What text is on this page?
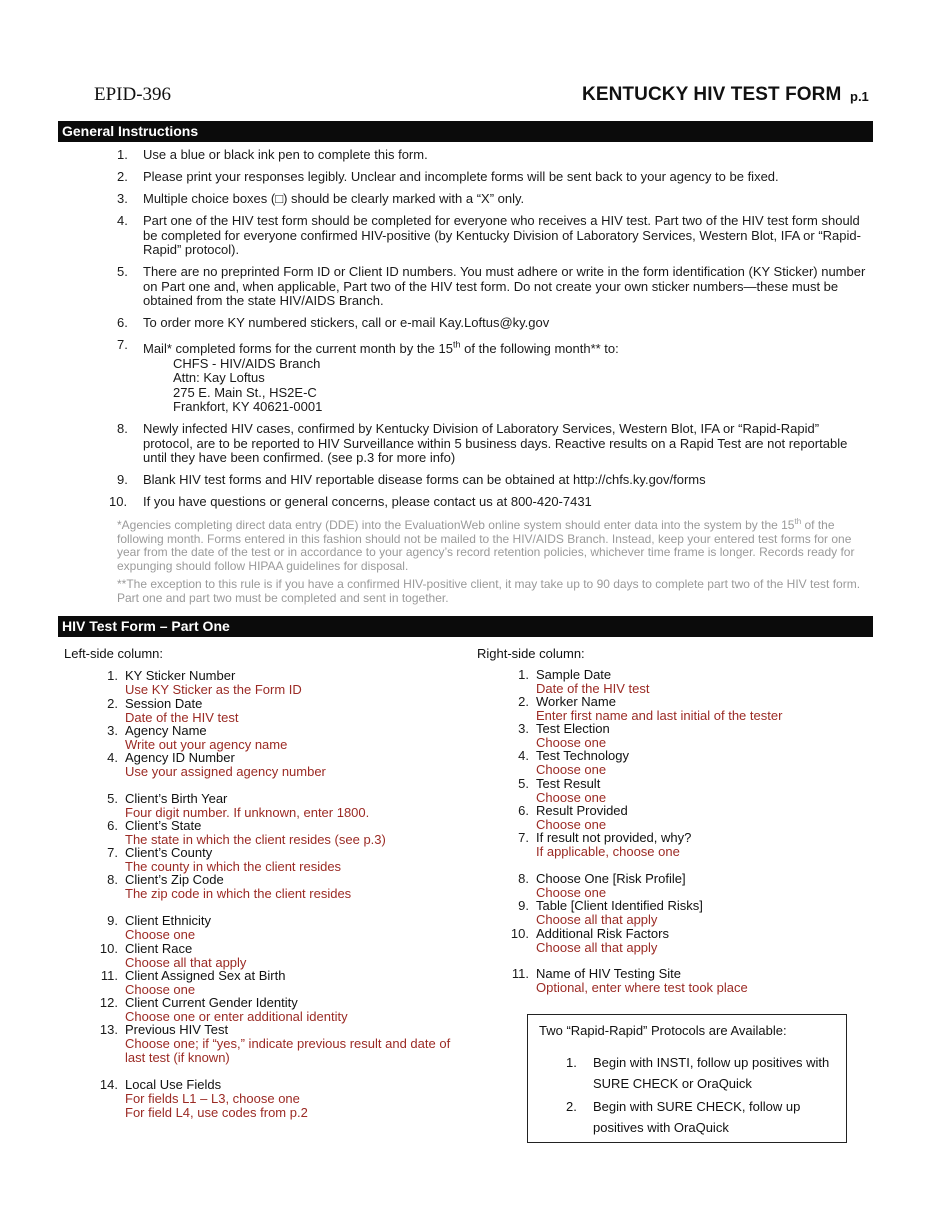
EPID-396	KENTUCKY HIV TEST FORM p.1
General Instructions
1. Use a blue or black ink pen to complete this form.
2. Please print your responses legibly. Unclear and incomplete forms will be sent back to your agency to be fixed.
3. Multiple choice boxes (□) should be clearly marked with a “X” only.
4. Part one of the HIV test form should be completed for everyone who receives a HIV test. Part two of the HIV test form should be completed for everyone confirmed HIV-positive (by Kentucky Division of Laboratory Services, Western Blot, IFA or “Rapid-Rapid” protocol).
5. There are no preprinted Form ID or Client ID numbers. You must adhere or write in the form identification (KY Sticker) number on Part one and, when applicable, Part two of the HIV test form. Do not create your own sticker numbers—these must be obtained from the state HIV/AIDS Branch.
6. To order more KY numbered stickers, call or e-mail Kay.Loftus@ky.gov
7. Mail* completed forms for the current month by the 15th of the following month** to:
CHFS - HIV/AIDS Branch
Attn: Kay Loftus
275 E. Main St., HS2E-C
Frankfort, KY 40621-0001
8. Newly infected HIV cases, confirmed by Kentucky Division of Laboratory Services, Western Blot, IFA or “Rapid-Rapid” protocol, are to be reported to HIV Surveillance within 5 business days. Reactive results on a Rapid Test are not reportable until they have been confirmed. (see p.3 for more info)
9. Blank HIV test forms and HIV reportable disease forms can be obtained at http://chfs.ky.gov/forms
10. If you have questions or general concerns, please contact us at 800-420-7431
*Agencies completing direct data entry (DDE) into the EvaluationWeb online system should enter data into the system by the 15th of the following month. Forms entered in this fashion should not be mailed to the HIV/AIDS Branch. Instead, keep your entered test forms for one year from the date of the test or in accordance to your agency’s record retention policies, whichever time frame is longer. Records ready for expunging should follow HIPAA guidelines for disposal.
**The exception to this rule is if you have a confirmed HIV-positive client, it may take up to 90 days to complete part two of the HIV test form. Part one and part two must be completed and sent in together.
HIV Test Form – Part One
Left-side column:	Right-side column:
1. KY Sticker Number
Use KY Sticker as the Form ID
2. Session Date
Date of the HIV test
3. Agency Name
Write out your agency name
4. Agency ID Number
Use your assigned agency number
5. Client’s Birth Year
Four digit number. If unknown, enter 1800.
6. Client’s State
The state in which the client resides (see p.3)
7. Client’s County
The county in which the client resides
8. Client’s Zip Code
The zip code in which the client resides
9. Client Ethnicity
Choose one
10. Client Race
Choose all that apply
11. Client Assigned Sex at Birth
Choose one
12. Client Current Gender Identity
Choose one or enter additional identity
13. Previous HIV Test
Choose one; if “yes,” indicate previous result and date of last test (if known)
14. Local Use Fields
For fields L1 – L3, choose one
For field L4, use codes from p.2
1. Sample Date
Date of the HIV test
2. Worker Name
Enter first name and last initial of the tester
3. Test Election
Choose one
4. Test Technology
Choose one
5. Test Result
Choose one
6. Result Provided
Choose one
7. If result not provided, why?
If applicable, choose one
8. Choose One [Risk Profile]
Choose one
9. Table [Client Identified Risks]
Choose all that apply
10. Additional Risk Factors
Choose all that apply
11. Name of HIV Testing Site
Optional, enter where test took place
Two “Rapid-Rapid” Protocols are Available:
1. Begin with INSTI, follow up positives with SURE CHECK or OraQuick
2. Begin with SURE CHECK, follow up positives with OraQuick
